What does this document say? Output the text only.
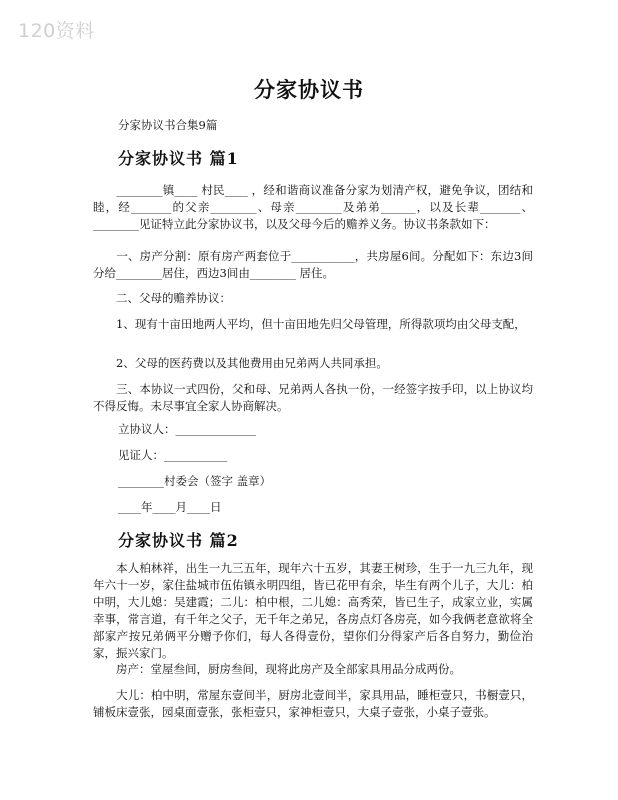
120资料
分家协议书
分家协议书合集9篇
分家协议书 篇1

　　________镇____ 村民____ ，经和谐商议准备分家为划清产权，避免争议，团结和睦，经_______的父亲________、母亲________及弟弟______，以及长辈_______、________见证特立此分家协议书，以及父母今后的赡养义务。协议书条款如下：

　　一、房产分割：原有房产两套位于___________，共房屋6间。分配如下：东边3间分给________居住，西边3间由________ 居住。

　　二、父母的赡养协议：

　　1、现有十亩田地两人平均，但十亩田地先归父母管理，所得款项均由父母支配，

　　2、父母的医药费以及其他费用由兄弟两人共同承担。

　　三、本协议一式四份，父和母、兄弟两人各执一份，一经签字按手印，以上协议均不得反悔。未尽事宜全家人协商解决。

立协议人：______________
见证人：___________
________村委会（签字 盖章）
____年____月____日
分家协议书 篇2

　　本人柏林祥，出生一九三五年，现年六十五岁，其妻王树珍，生于一九三九年，现年六十一岁，家住盐城市伍佑镇永明四组，皆已花甲有余，毕生有两个儿子，大儿：柏中明，大儿媳：吴建霞；二儿：柏中根，二儿媳：高秀荣，皆已生子，成家立业，实属幸事，常言道，有千年之父子，无千年之弟兄，各房点灯各房亮，如今我俩老意欲将全部家产按兄弟俩平分赠予你们，每人各得壹份，望你们分得家产后各自努力，勤俭治家，振兴家门。

　　房产：堂屋叁间，厨房叁间，现将此房产及全部家具用品分成两份。

　　大儿：柏中明，常屋东壹间半，厨房北壹间半，家具用品，睡柜壹只，书橱壹只，铺板床壹张，园桌面壹张，张柜壹只，家神柜壹只，大桌子壹张，小桌子壹张。
